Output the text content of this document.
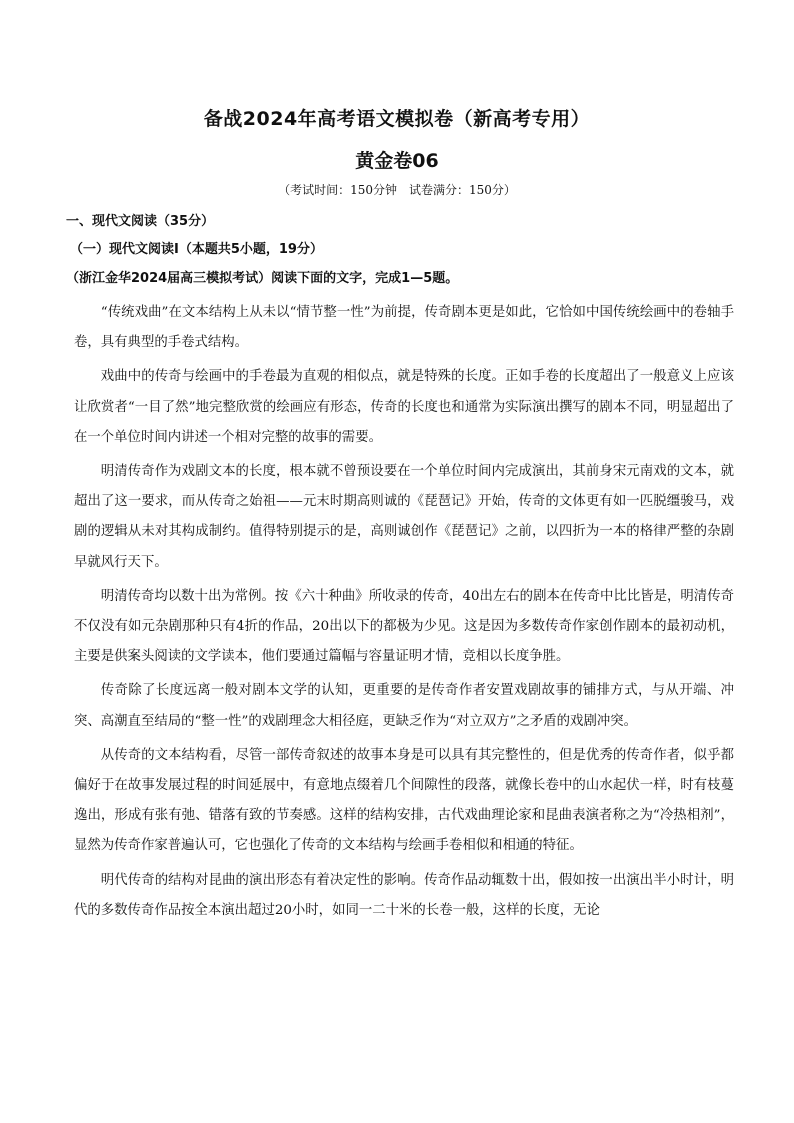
备战2024年高考语文模拟卷（新高考专用）
黄金卷06
（考试时间：150分钟　试卷满分：150分）
一、现代文阅读（35分）
（一）现代文阅读Ⅰ（本题共5小题，19分）
（浙江金华2024届高三模拟考试）阅读下面的文字，完成1—5题。

“传统戏曲”在文本结构上从未以“情节整一性”为前提，传奇剧本更是如此，它恰如中国传统绘画中的卷轴手卷，具有典型的手卷式结构。

戏曲中的传奇与绘画中的手卷最为直观的相似点，就是特殊的长度。正如手卷的长度超出了一般意义上应该让欣赏者“一目了然”地完整欣赏的绘画应有形态，传奇的长度也和通常为实际演出撰写的剧本不同，明显超出了在一个单位时间内讲述一个相对完整的故事的需要。

明清传奇作为戏剧文本的长度，根本就不曾预设要在一个单位时间内完成演出，其前身宋元南戏的文本，就超出了这一要求，而从传奇之始祖——元末时期高则诚的《琵琶记》开始，传奇的文体更有如一匹脱缰骏马，戏剧的逻辑从未对其构成制约。值得特别提示的是，高则诚创作《琵琶记》之前，以四折为一本的格律严整的杂剧早就风行天下。

明清传奇均以数十出为常例。按《六十种曲》所收录的传奇，40出左右的剧本在传奇中比比皆是，明清传奇不仅没有如元杂剧那种只有4折的作品，20出以下的都极为少见。这是因为多数传奇作家创作剧本的最初动机，主要是供案头阅读的文学读本，他们要通过篇幅与容量证明才情，竞相以长度争胜。

传奇除了长度远离一般对剧本文学的认知，更重要的是传奇作者安置戏剧故事的铺排方式，与从开端、冲突、高潮直至结局的“整一性”的戏剧理念大相径庭，更缺乏作为“对立双方”之矛盾的戏剧冲突。

从传奇的文本结构看，尽管一部传奇叙述的故事本身是可以具有其完整性的，但是优秀的传奇作者，似乎都偏好于在故事发展过程的时间延展中，有意地点缀着几个间隙性的段落，就像长卷中的山水起伏一样，时有枝蔓逸出，形成有张有弛、错落有致的节奏感。这样的结构安排，古代戏曲理论家和昆曲表演者称之为“冷热相剂”，显然为传奇作家普遍认可，它也强化了传奇的文本结构与绘画手卷相似和相通的特征。

明代传奇的结构对昆曲的演出形态有着决定性的影响。传奇作品动辄数十出，假如按一出演出半小时计，明代的多数传奇作品按全本演出超过20小时，如同一二十米的长卷一般，这样的长度，无论
